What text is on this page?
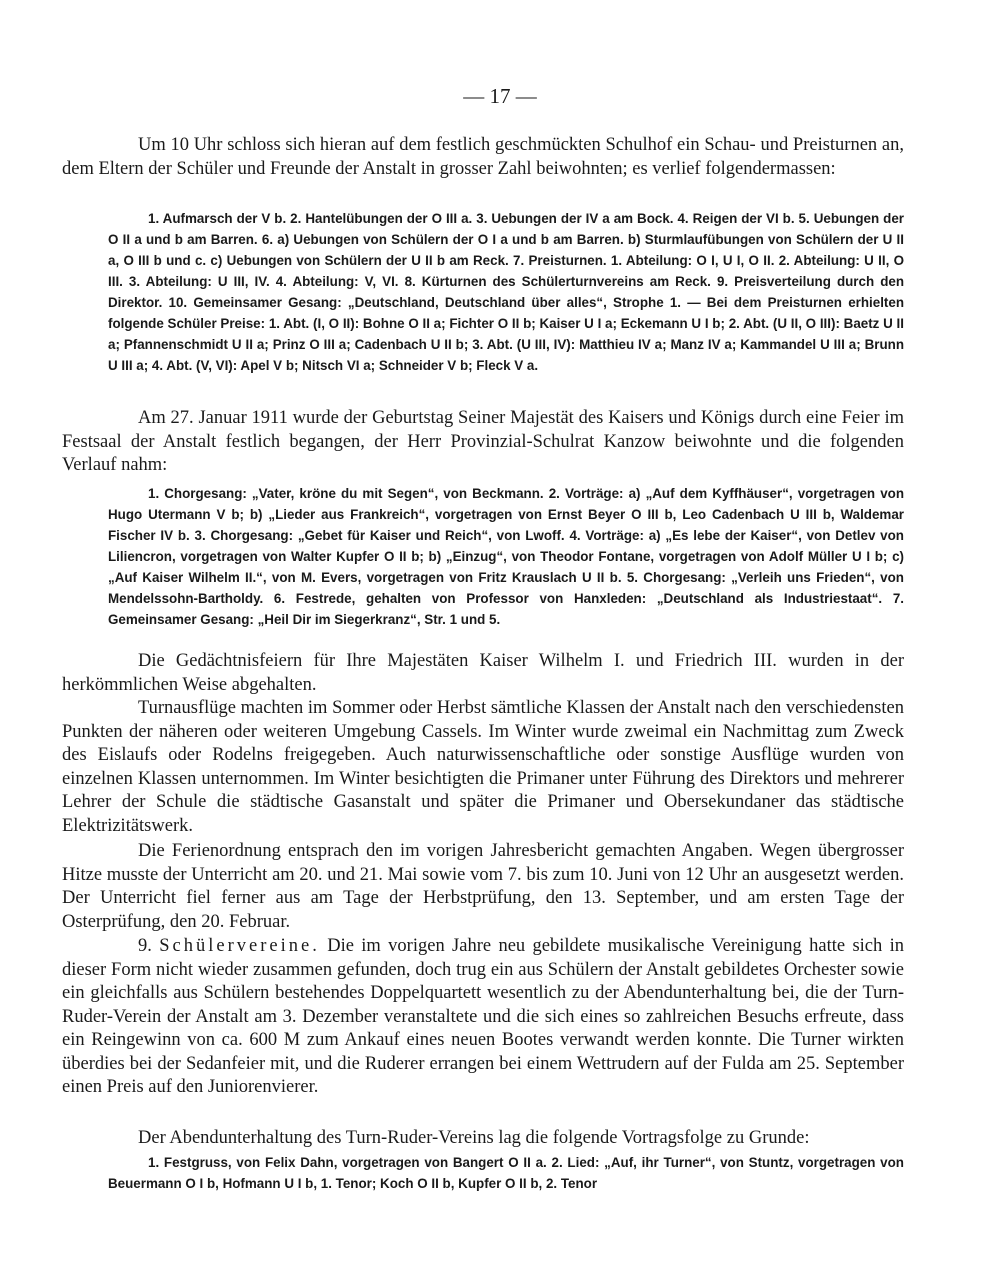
— 17 —

Um 10 Uhr schloss sich hieran auf dem festlich geschmückten Schulhof ein Schau- und Preisturnen an, dem Eltern der Schüler und Freunde der Anstalt in grosser Zahl beiwohnten; es verlief folgendermassen:

1. Aufmarsch der V b. 2. Hantelübungen der O III a. 3. Uebungen der IV a am Bock. 4. Reigen der VI b. 5. Uebungen der O II a und b am Barren. 6. a) Uebungen von Schülern der O I a und b am Barren. b) Sturmlaufübungen von Schülern der U II a, O III b und c. c) Uebungen von Schülern der U II b am Reck. 7. Preisturnen. 1. Abteilung: O I, U I, O II. 2. Abteilung: U II, O III. 3. Abteilung: U III, IV. 4. Abteilung: V, VI. 8. Kürturnen des Schülerturnvereins am Reck. 9. Preisverteilung durch den Direktor. 10. Gemeinsamer Gesang: „Deutschland, Deutschland über alles“, Strophe 1. — Bei dem Preisturnen erhielten folgende Schüler Preise: 1. Abt. (I, O II): Bohne O II a; Fichter O II b; Kaiser U I a; Eckemann U I b; 2. Abt. (U II, O III): Baetz U II a; Pfannenschmidt U II a; Prinz O III a; Cadenbach U II b; 3. Abt. (U III, IV): Matthieu IV a; Manz IV a; Kammandel U III a; Brunn U III a; 4. Abt. (V, VI): Apel V b; Nitsch VI a; Schneider V b; Fleck V a.

Am 27. Januar 1911 wurde der Geburtstag Seiner Majestät des Kaisers und Königs durch eine Feier im Festsaal der Anstalt festlich begangen, der Herr Provinzial-Schulrat Kanzow beiwohnte und die folgenden Verlauf nahm:

1. Chorgesang: „Vater, kröne du mit Segen“, von Beckmann. 2. Vorträge: a) „Auf dem Kyffhäuser“, vorgetragen von Hugo Utermann V b; b) „Lieder aus Frankreich“, vorgetragen von Ernst Beyer O III b, Leo Cadenbach U III b, Waldemar Fischer IV b. 3. Chorgesang: „Gebet für Kaiser und Reich“, von Lwoff. 4. Vorträge: a) „Es lebe der Kaiser“, von Detlev von Liliencron, vorgetragen von Walter Kupfer O II b; b) „Einzug“, von Theodor Fontane, vorgetragen von Adolf Müller U I b; c) „Auf Kaiser Wilhelm II.“, von M. Evers, vorgetragen von Fritz Krauslach U II b. 5. Chorgesang: „Verleih uns Frieden“, von Mendelssohn-Bartholdy. 6. Festrede, gehalten von Professor von Hanxleden: „Deutschland als Industriestaat“. 7. Gemeinsamer Gesang: „Heil Dir im Siegerkranz“, Str. 1 und 5.

Die Gedächtnisfeiern für Ihre Majestäten Kaiser Wilhelm I. und Friedrich III. wurden in der herkömmlichen Weise abgehalten.

Turnausflüge machten im Sommer oder Herbst sämtliche Klassen der Anstalt nach den verschiedensten Punkten der näheren oder weiteren Umgebung Cassels. Im Winter wurde zweimal ein Nachmittag zum Zweck des Eislaufs oder Rodelns freigegeben. Auch naturwissenschaftliche oder sonstige Ausflüge wurden von einzelnen Klassen unternommen. Im Winter besichtigten die Primaner unter Führung des Direktors und mehrerer Lehrer der Schule die städtische Gasanstalt und später die Primaner und Obersekundaner das städtische Elektrizitätswerk.

Die Ferienordnung entsprach den im vorigen Jahresbericht gemachten Angaben. Wegen übergrosser Hitze musste der Unterricht am 20. und 21. Mai sowie vom 7. bis zum 10. Juni von 12 Uhr an ausgesetzt werden. Der Unterricht fiel ferner aus am Tage der Herbstprüfung, den 13. September, und am ersten Tage der Osterprüfung, den 20. Februar.

9. Schülervereine. Die im vorigen Jahre neu gebildete musikalische Vereinigung hatte sich in dieser Form nicht wieder zusammen gefunden, doch trug ein aus Schülern der Anstalt gebildetes Orchester sowie ein gleichfalls aus Schülern bestehendes Doppelquartett wesentlich zu der Abendunterhaltung bei, die der Turn-Ruder-Verein der Anstalt am 3. Dezember veranstaltete und die sich eines so zahlreichen Besuchs erfreute, dass ein Reingewinn von ca. 600 M zum Ankauf eines neuen Bootes verwandt werden konnte. Die Turner wirkten überdies bei der Sedanfeier mit, und die Ruderer errangen bei einem Wettrudern auf der Fulda am 25. September einen Preis auf den Juniorenvierer.

Der Abendunterhaltung des Turn-Ruder-Vereins lag die folgende Vortragsfolge zu Grunde:

1. Festgruss, von Felix Dahn, vorgetragen von Bangert O II a. 2. Lied: „Auf, ihr Turner“, von Stuntz, vorgetragen von Beuermann O I b, Hofmann U I b, 1. Tenor; Koch O II b, Kupfer O II b, 2. Tenor
